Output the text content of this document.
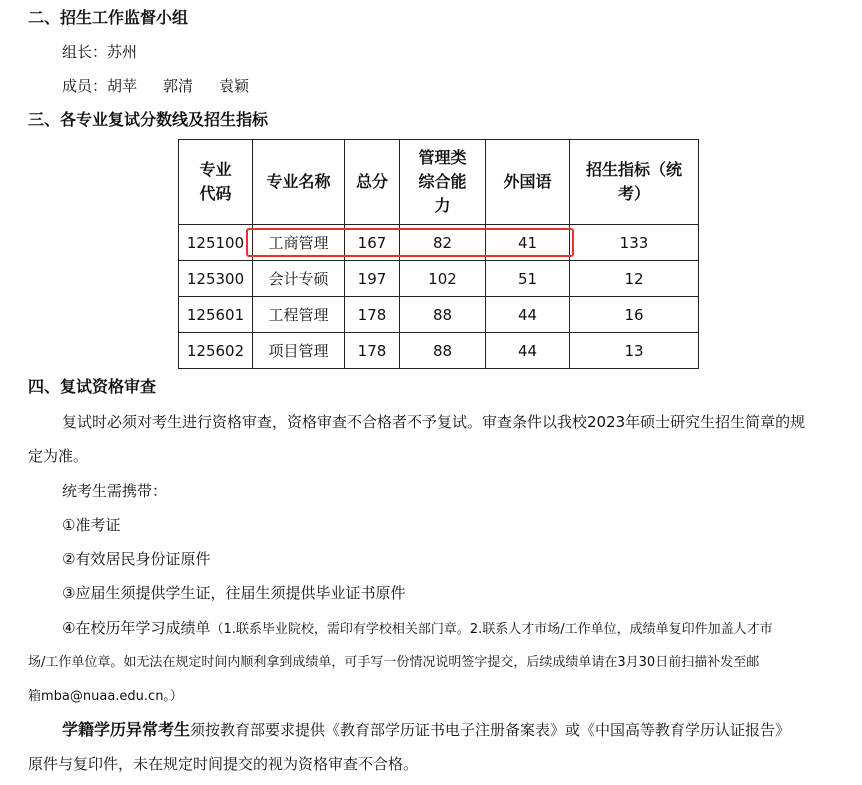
二、招生工作监督小组
组长：苏州
成员：胡苹 郭清 袁颖
三、各专业复试分数线及招生指标
专业代码	专业名称	总分	管理类综合能力	外国语	招生指标（统考）

125100	工商管理	167	82	41	133
125300	会计专硕	197	102	51	12
125601	工程管理	178	88	44	16
125602	项目管理	178	88	44	13
四、复试资格审查
复试时必须对考生进行资格审查，资格审查不合格者不予复试。审查条件以我校2023年硕士研究生招生简章的规
定为准。
统考生需携带：
①准考证
②有效居民身份证原件
③应届生须提供学生证，往届生须提供毕业证书原件
④在校历年学习成绩单（1.联系毕业院校，需印有学校相关部门章。2.联系人才市场/工作单位，成绩单复印件加盖人才市
场/工作单位章。如无法在规定时间内顺利拿到成绩单，可手写一份情况说明签字提交，后续成绩单请在3月30日前扫描补发至邮
箱mba@nuaa.edu.cn。）
学籍学历异常考生须按教育部要求提供《教育部学历证书电子注册备案表》或《中国高等教育学历认证报告》
原件与复印件，未在规定时间提交的视为资格审查不合格。
